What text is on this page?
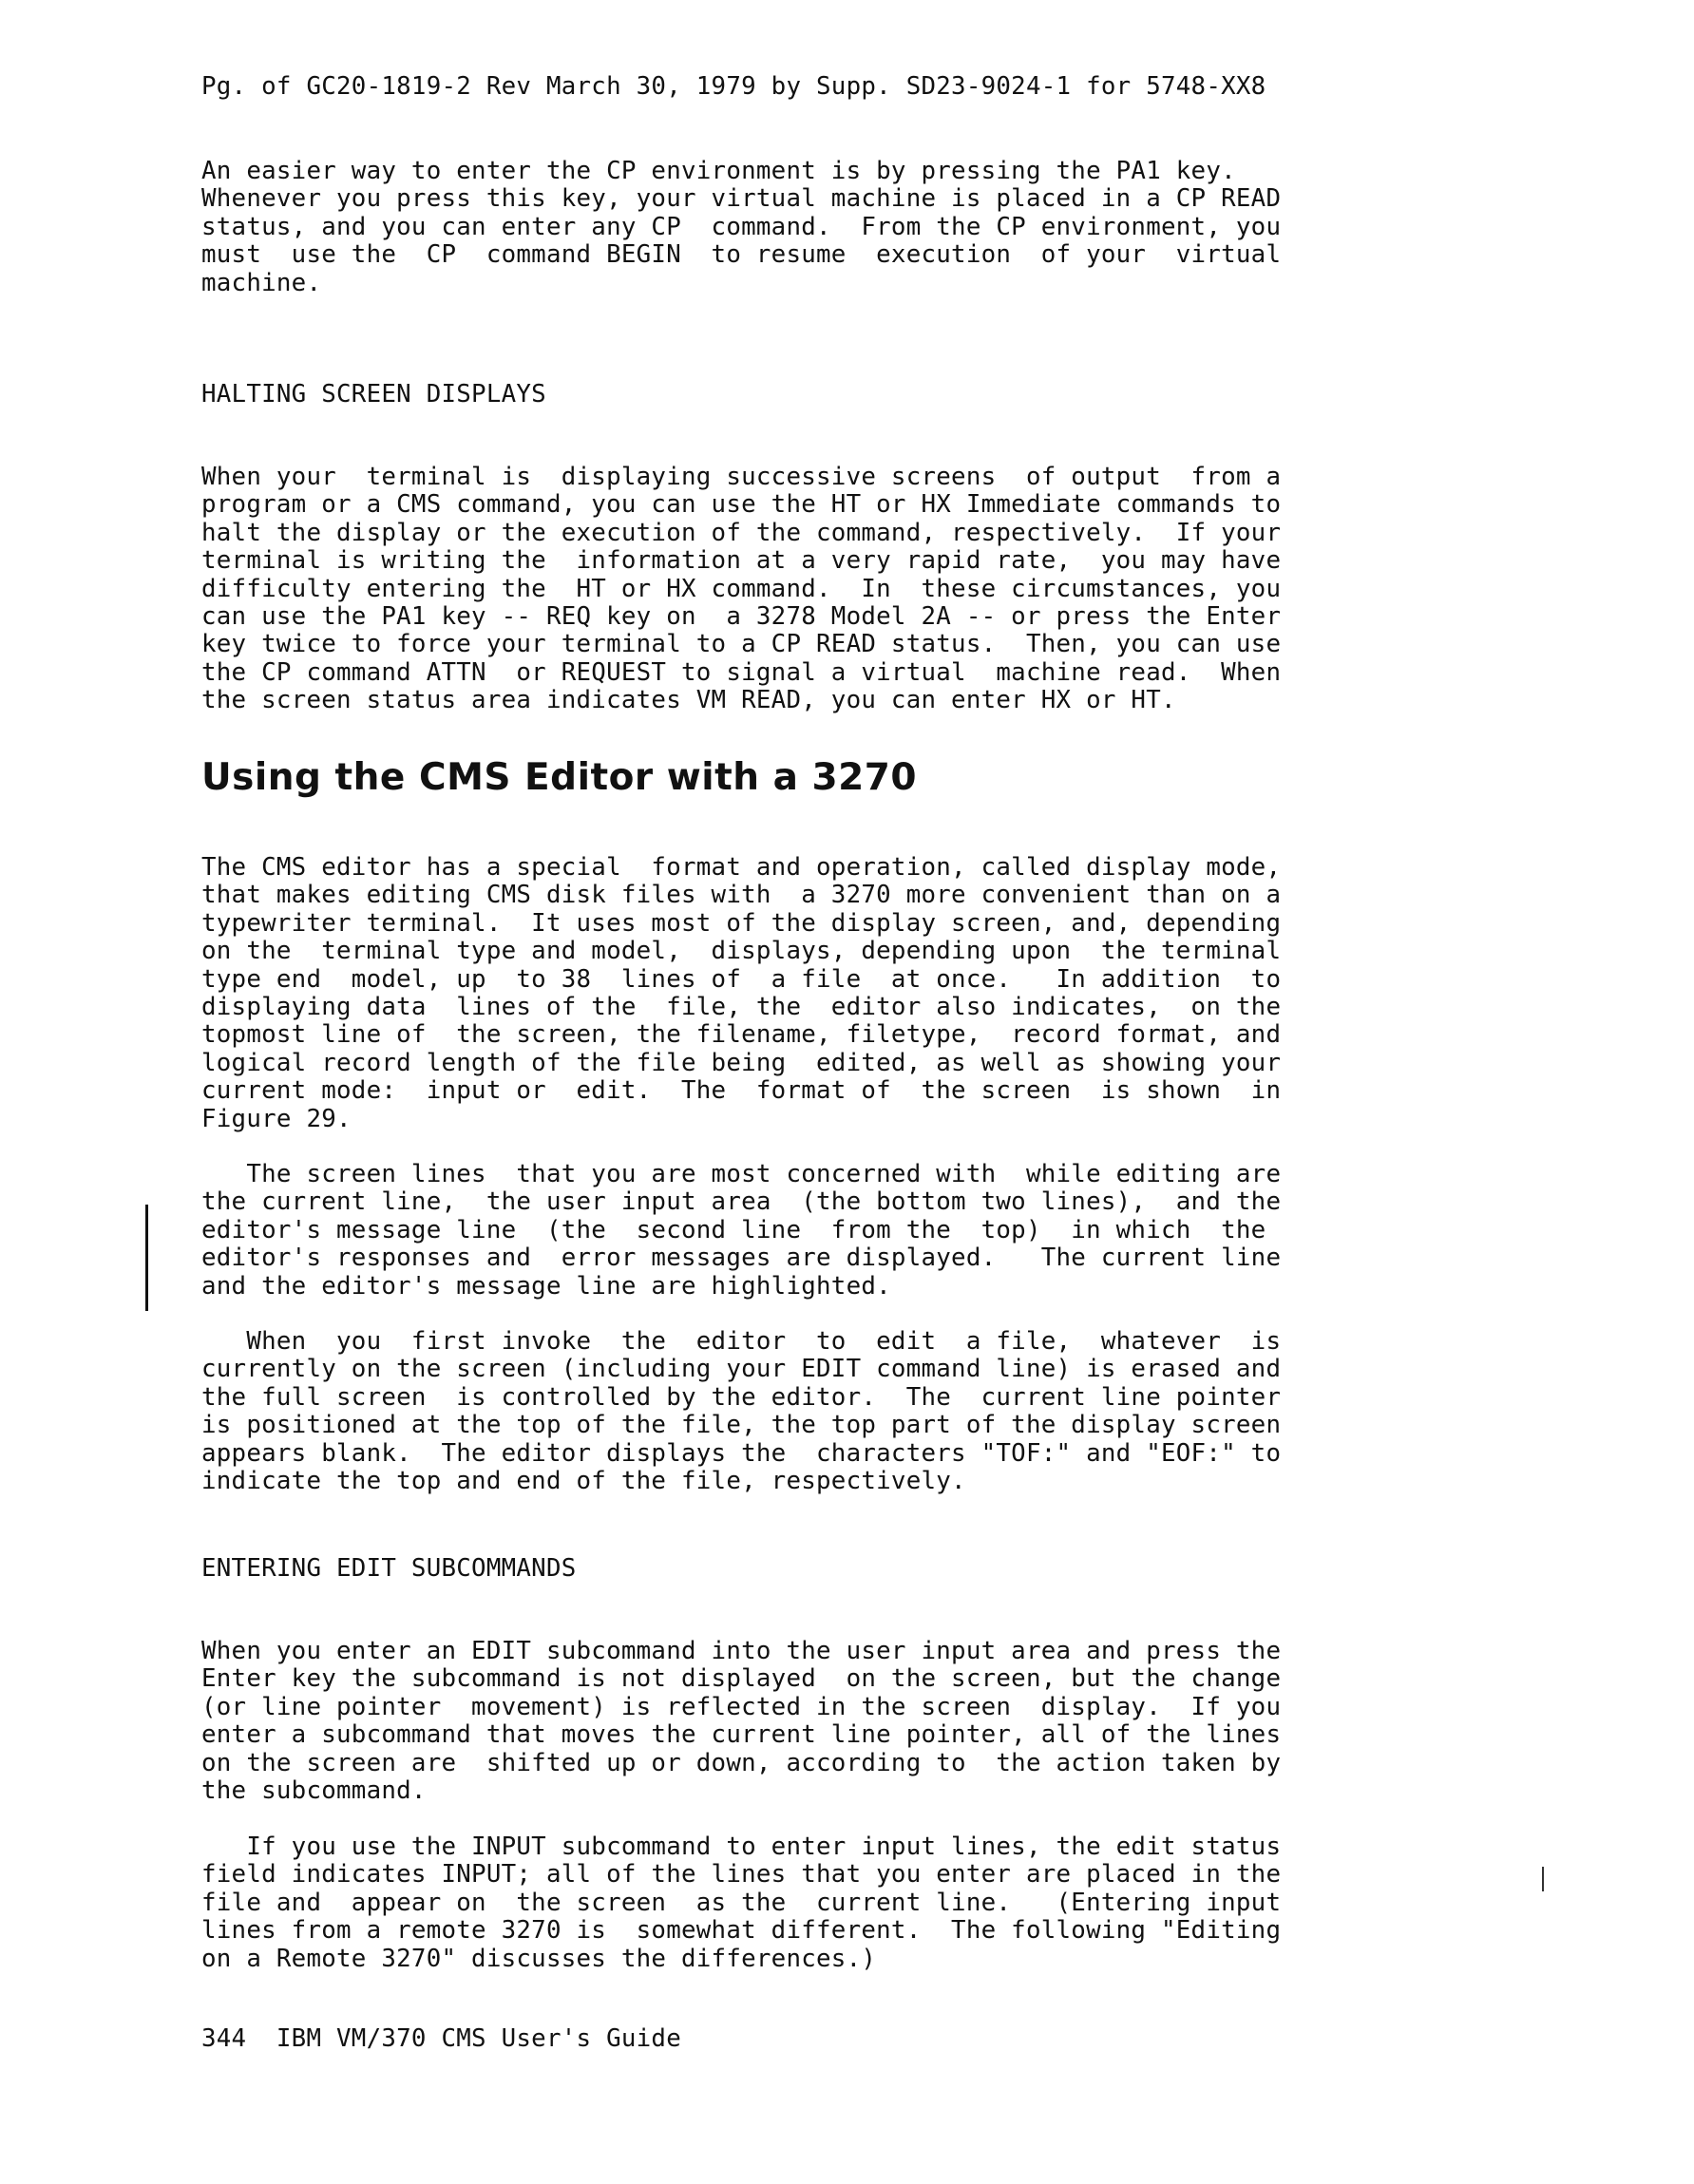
Pg. of GC20-1819-2 Rev March 30, 1979 by Supp. SD23-9024-1 for 5748-XX8
An easier way to enter the CP environment is by pressing the PA1 key.
Whenever you press this key, your virtual machine is placed in a CP READ
status, and you can enter any CP  command.  From the CP environment, you
must  use the  CP  command BEGIN  to resume  execution  of your  virtual
machine.
HALTING SCREEN DISPLAYS
When your  terminal is  displaying successive screens  of output  from a
program or a CMS command, you can use the HT or HX Immediate commands to
halt the display or the execution of the command, respectively.  If your
terminal is writing the  information at a very rapid rate,  you may have
difficulty entering the  HT or HX command.  In  these circumstances, you
can use the PA1 key -- REQ key on  a 3278 Model 2A -- or press the Enter
key twice to force your terminal to a CP READ status.  Then, you can use
the CP command ATTN  or REQUEST to signal a virtual  machine read.  When
the screen status area indicates VM READ, you can enter HX or HT.
Using the CMS Editor with a 3270
The CMS editor has a special  format and operation, called display mode,
that makes editing CMS disk files with  a 3270 more convenient than on a
typewriter terminal.  It uses most of the display screen, and, depending
on the  terminal type and model,  displays, depending upon  the terminal
type end  model, up  to 38  lines of  a file  at once.   In addition  to
displaying data  lines of the  file, the  editor also indicates,  on the
topmost line of  the screen, the filename, filetype,  record format, and
logical record length of the file being  edited, as well as showing your
current mode:  input or  edit.  The  format of  the screen  is shown  in
Figure 29.
The screen lines  that you are most concerned with  while editing are
the current line,  the user input area  (the bottom two lines),  and the
editor's message line  (the  second line  from the  top)  in which  the
editor's responses and  error messages are displayed.   The current line
and the editor's message line are highlighted.
When  you  first invoke  the  editor  to  edit  a file,  whatever  is
currently on the screen (including your EDIT command line) is erased and
the full screen  is controlled by the editor.  The  current line pointer
is positioned at the top of the file, the top part of the display screen
appears blank.  The editor displays the  characters "TOF:" and "EOF:" to
indicate the top and end of the file, respectively.
ENTERING EDIT SUBCOMMANDS
When you enter an EDIT subcommand into the user input area and press the
Enter key the subcommand is not displayed  on the screen, but the change
(or line pointer  movement) is reflected in the screen  display.  If you
enter a subcommand that moves the current line pointer, all of the lines
on the screen are  shifted up or down, according to  the action taken by
the subcommand.
If you use the INPUT subcommand to enter input lines, the edit status
field indicates INPUT; all of the lines that you enter are placed in the
file and  appear on  the screen  as the  current line.   (Entering input
lines from a remote 3270 is  somewhat different.  The following "Editing
on a Remote 3270" discusses the differences.)
344  IBM VM/370 CMS User's Guide
